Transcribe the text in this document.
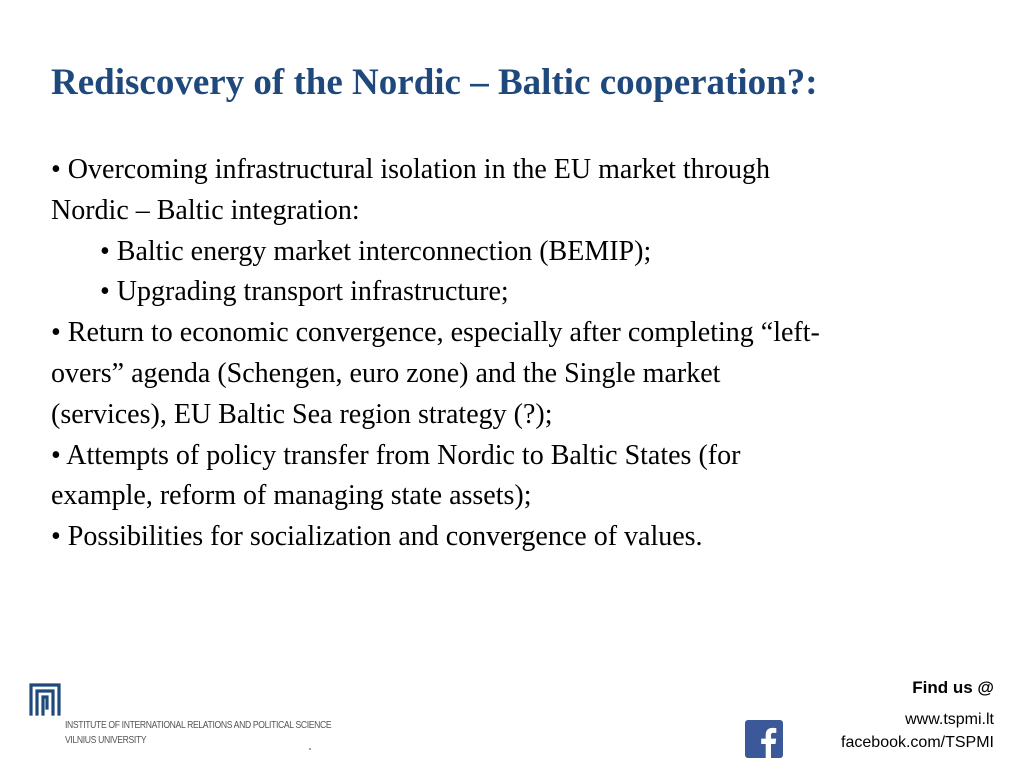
Rediscovery of the Nordic – Baltic cooperation?:
• Overcoming infrastructural isolation in the EU market through
Nordic – Baltic integration:
• Baltic energy market interconnection (BEMIP);
• Upgrading transport infrastructure;
• Return to economic convergence, especially after completing “left-
overs” agenda (Schengen, euro zone) and the Single market
(services), EU Baltic Sea region strategy (?);
• Attempts of policy transfer from Nordic to Baltic States (for
example, reform of managing state assets);
• Possibilities for socialization and convergence of values.
INSTITUTE OF INTERNATIONAL RELATIONS AND POLITICAL SCIENCE
VILNIUS UNIVERSITY
Find us @
www.tspmi.lt
facebook.com/TSPMI
